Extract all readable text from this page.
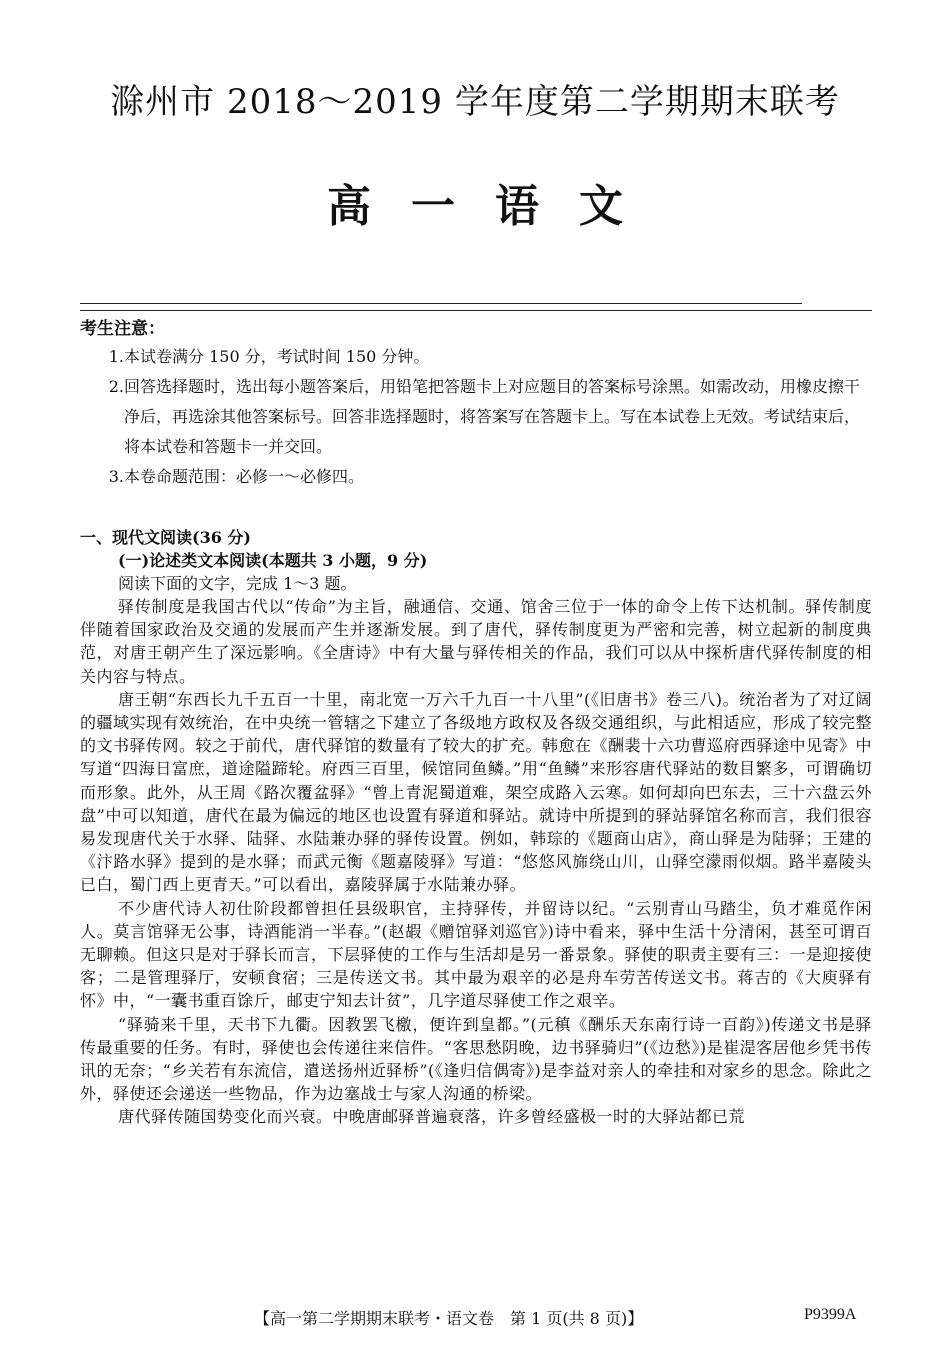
滁州市 2018～2019 学年度第二学期期末联考
高一语文

考生注意：

1.本试卷满分 150 分，考试时间 150 分钟。

2.回答选择题时，选出每小题答案后，用铅笔把答题卡上对应题目的答案标号涂黑。如需改动，用橡皮擦干净后，再选涂其他答案标号。回答非选择题时，将答案写在答题卡上。写在本试卷上无效。考试结束后，将本试卷和答题卡一并交回。

3.本卷命题范围：必修一～必修四。

一、现代文阅读(36 分)

(一)论述类文本阅读(本题共 3 小题，9 分)

阅读下面的文字，完成 1～3 题。

驿传制度是我国古代以“传命”为主旨，融通信、交通、馆舍三位于一体的命令上传下达机制。驿传制度伴随着国家政治及交通的发展而产生并逐渐发展。到了唐代，驿传制度更为严密和完善，树立起新的制度典范，对唐王朝产生了深远影响。《全唐诗》中有大量与驿传相关的作品，我们可以从中探析唐代驿传制度的相关内容与特点。

唐王朝“东西长九千五百一十里，南北宽一万六千九百一十八里”(《旧唐书》卷三八)。统治者为了对辽阔的疆域实现有效统治，在中央统一管辖之下建立了各级地方政权及各级交通组织，与此相适应，形成了较完整的文书驿传网。较之于前代，唐代驿馆的数量有了较大的扩充。韩愈在《酬裴十六功曹巡府西驿途中见寄》中写道“四海日富庶，道途隘蹄轮。府西三百里，候馆同鱼鳞。”用“鱼鳞”来形容唐代驿站的数目繁多，可谓确切而形象。此外，从王周《路次覆盆驿》“曾上青泥蜀道难，架空成路入云寒。如何却向巴东去，三十六盘云外盘”中可以知道，唐代在最为偏远的地区也设置有驿道和驿站。就诗中所提到的驿站驿馆名称而言，我们很容易发现唐代关于水驿、陆驿、水陆兼办驿的驿传设置。例如，韩琮的《题商山店》，商山驿是为陆驿；王建的《汴路水驿》提到的是水驿；而武元衡《题嘉陵驿》写道：“悠悠风旆绕山川，山驿空濛雨似烟。路半嘉陵头已白，蜀门西上更青天。”可以看出，嘉陵驿属于水陆兼办驿。

不少唐代诗人初仕阶段都曾担任县级职官，主持驿传，并留诗以纪。“云别青山马踏尘，负才难觅作闲人。莫言馆驿无公事，诗酒能消一半春。”(赵嘏《赠馆驿刘巡官》)诗中看来，驿中生活十分清闲，甚至可谓百无聊赖。但这只是对于驿长而言，下层驿使的工作与生活却是另一番景象。驿使的职责主要有三：一是迎接使客；二是管理驿厅，安顿食宿；三是传送文书。其中最为艰辛的必是舟车劳苦传送文书。蒋吉的《大庾驿有怀》中，“一囊书重百馀斤，邮吏宁知去计贫”，几字道尽驿使工作之艰辛。

“驿骑来千里，天书下九衢。因教罢飞檄，便许到皇都。”(元稹《酬乐天东南行诗一百韵》)传递文书是驿传最重要的任务。有时，驿使也会传递往来信件。“客思愁阴晚，边书驿骑归”(《边愁》)是崔湜客居他乡凭书传讯的无奈；“乡关若有东流信，遣送扬州近驿桥”(《逢归信偶寄》)是李益对亲人的牵挂和对家乡的思念。除此之外，驿使还会递送一些物品，作为边塞战士与家人沟通的桥梁。

唐代驿传随国势变化而兴衰。中晚唐邮驿普遍衰落，许多曾经盛极一时的大驿站都已荒

【高一第二学期期末联考・语文卷　第 1 页(共 8 页)】	P9399A
